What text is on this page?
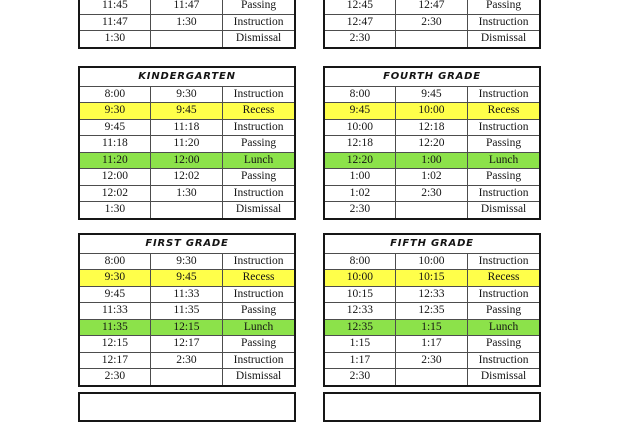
11:45	11:47	Passing
11:47	1:30	Instruction
1:30		Dismissal
12:45	12:47	Passing
12:47	2:30	Instruction
2:30		Dismissal
KINDERGARTEN		
8:00	9:30	Instruction
9:30	9:45	Recess
9:45	11:18	Instruction
11:18	11:20	Passing
11:20	12:00	Lunch
12:00	12:02	Passing
12:02	1:30	Instruction
1:30		Dismissal
FOURTH GRADE		
8:00	9:45	Instruction
9:45	10:00	Recess
10:00	12:18	Instruction
12:18	12:20	Passing
12:20	1:00	Lunch
1:00	1:02	Passing
1:02	2:30	Instruction
2:30		Dismissal
FIRST GRADE		
8:00	9:30	Instruction
9:30	9:45	Recess
9:45	11:33	Instruction
11:33	11:35	Passing
11:35	12:15	Lunch
12:15	12:17	Passing
12:17	2:30	Instruction
2:30		Dismissal
FIFTH GRADE		
8:00	10:00	Instruction
10:00	10:15	Recess
10:15	12:33	Instruction
12:33	12:35	Passing
12:35	1:15	Lunch
1:15	1:17	Passing
1:17	2:30	Instruction
2:30		Dismissal
